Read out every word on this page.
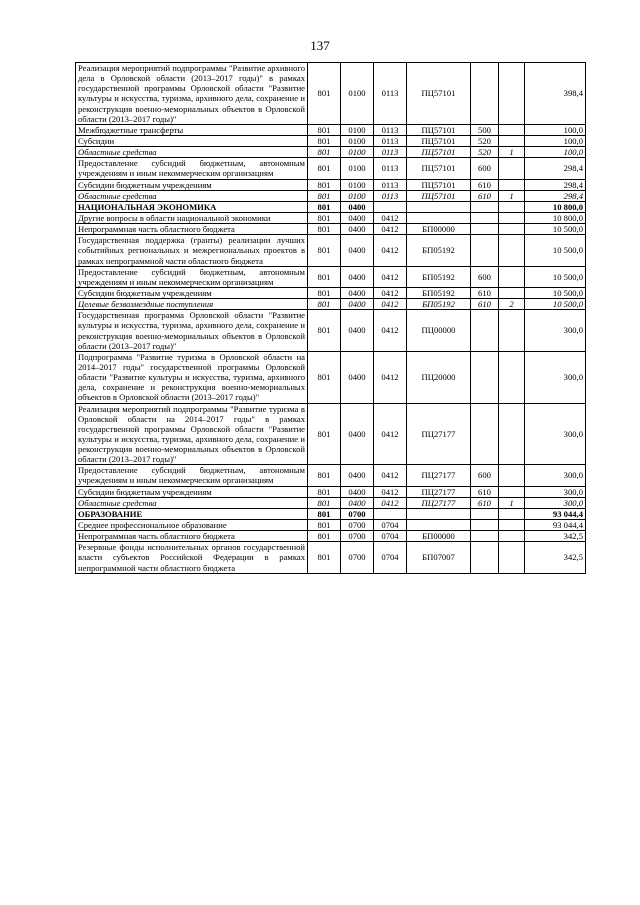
137
Реализация мероприятий подпрограммы "Развитие архивного дела в Орловской области (2013–2017 годы)" в рамках государственной программы Орловской области "Развитие культуры и искусства, туризма, архивного дела, сохранение и реконструкция военно-мемориальных объектов в Орловской области (2013–2017 годы)"	801	0100	0113	ПЦ57101			398,4
Межбюджетные трансферты	801	0100	0113	ПЦ57101	500		100,0
Субсидии	801	0100	0113	ПЦ57101	520		100,0
Областные средства	801	0100	0113	ПЦ57101	520	1	100,0
Предоставление субсидий бюджетным, автономным учреждениям и иным некоммерческим организациям	801	0100	0113	ПЦ57101	600		298,4
Субсидии бюджетным учреждениям	801	0100	0113	ПЦ57101	610		298,4
Областные средства	801	0100	0113	ПЦ57101	610	1	298,4
НАЦИОНАЛЬНАЯ ЭКОНОМИКА	801	0400					10 800,0
Другие вопросы в области национальной экономики	801	0400	0412				10 800,0
Непрограммная часть областного бюджета	801	0400	0412	БП00000			10 500,0
Государственная поддержка (гранты) реализации лучших событийных региональных и межрегиональных проектов в рамках непрограммной части областного бюджета	801	0400	0412	БП05192			10 500,0
Предоставление субсидий бюджетным, автономным учреждениям и иным некоммерческим организациям	801	0400	0412	БП05192	600		10 500,0
Субсидии бюджетным учреждениям	801	0400	0412	БП05192	610		10 500,0
Целевые безвозмездные поступления	801	0400	0412	БП05192	610	2	10 500,0
Государственная программа Орловской области "Развитие культуры и искусства, туризма, архивного дела, сохранение и реконструкция военно-мемориальных объектов в Орловской области (2013–2017 годы)"	801	0400	0412	ПЦ00000			300,0
Подпрограмма "Развитие туризма в Орловской области на 2014–2017 годы" государственной программы Орловской области "Развитие культуры и искусства, туризма, архивного дела, сохранение и реконструкция военно-мемориальных объектов в Орловской области (2013–2017 годы)"	801	0400	0412	ПЦ20000			300,0
Реализация мероприятий подпрограммы "Развитие туризма в Орловской области на 2014–2017 годы" в рамках государственной программы Орловской области "Развитие культуры и искусства, туризма, архивного дела, сохранение и реконструкция военно-мемориальных объектов в Орловской области (2013–2017 годы)"	801	0400	0412	ПЦ27177			300,0
Предоставление субсидий бюджетным, автономным учреждениям и иным некоммерческим организациям	801	0400	0412	ПЦ27177	600		300,0
Субсидии бюджетным учреждениям	801	0400	0412	ПЦ27177	610		300,0
Областные средства	801	0400	0412	ПЦ27177	610	1	300,0
ОБРАЗОВАНИЕ	801	0700					93 044,4
Среднее профессиональное образование	801	0700	0704				93 044,4
Непрограммная часть областного бюджета	801	0700	0704	БП00000			342,5
Резервные фонды исполнительных органов государственной власти субъектов Российской Федерации в рамках непрограммной части областного бюджета	801	0700	0704	БП07007			342,5
